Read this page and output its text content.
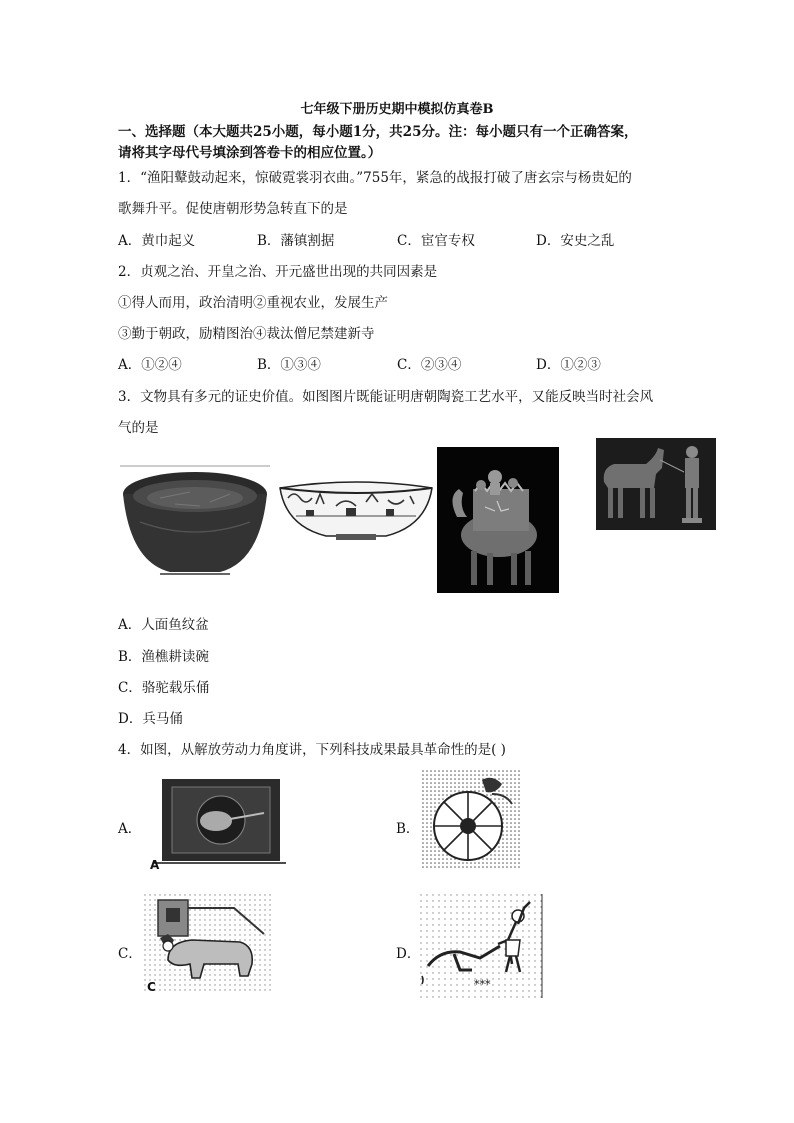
七年级下册历史期中模拟仿真卷B
一、选择题（本大题共25小题，每小题1分，共25分。注：每小题只有一个正确答案，
请将其字母代号填涂到答卷卡的相应位置。）
1．“渔阳鼙鼓动起来，惊破霓裳羽衣曲。”755年，紧急的战报打破了唐玄宗与杨贵妃的
歌舞升平。促使唐朝形势急转直下的是
A．黄巾起义	B．藩镇割据	C．宦官专权	D．安史之乱
2．贞观之治、开皇之治、开元盛世出现的共同因素是
①得人而用，政治清明②重视农业，发展生产
③勤于朝政，励精图治④裁汰僧尼禁建新寺
A．①②④	B．①③④	C．②③④	D．①②③
3．文物具有多元的证史价值。如图图片既能证明唐朝陶瓷工艺水平，又能反映当时社会风
气的是
A．人面鱼纹盆
B．渔樵耕读碗
C．骆驼载乐俑
D．兵马俑
4．如图，从解放劳动力角度讲，下列科技成果最具革命性的是( )
A．
A
B．
C．
C
D．
***
